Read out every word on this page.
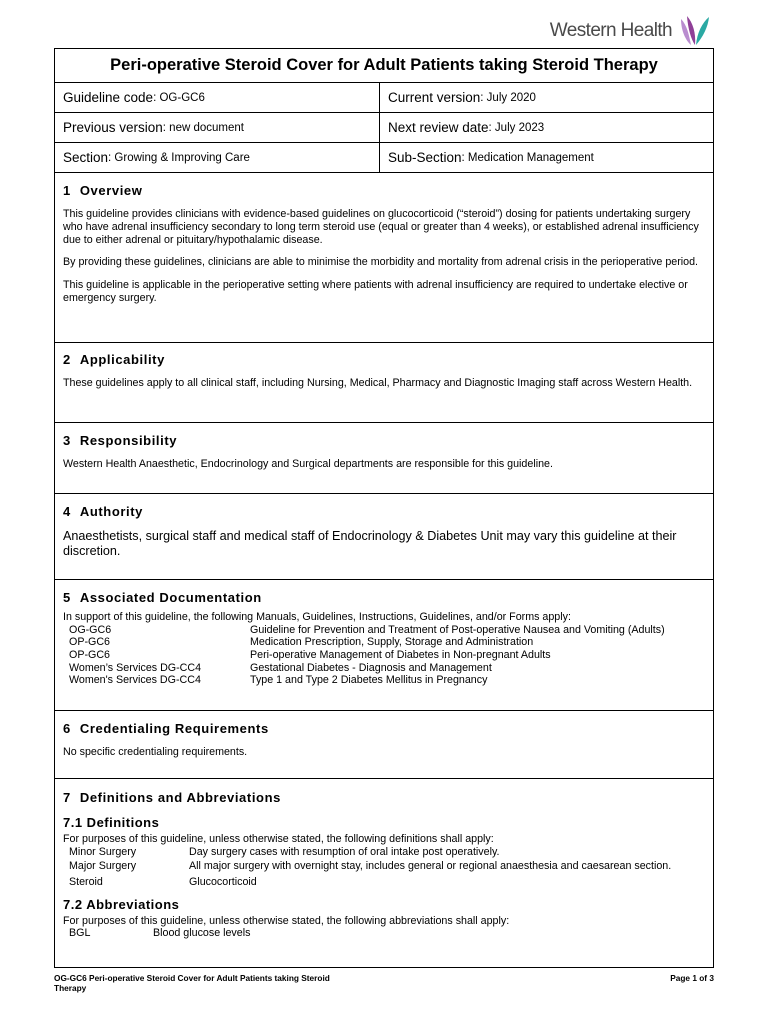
Western Health
Peri-operative Steroid Cover for Adult Patients taking Steroid Therapy
Guideline code : OG-GC6	Current version : July 2020
Previous version : new document	Next review date : July 2023
Section : Growing & Improving Care	Sub-Section : Medication Management
1 Overview

This guideline provides clinicians with evidence-based guidelines on glucocorticoid (“steroid”) dosing for patients undertaking surgery who have adrenal insufficiency secondary to long term steroid use (equal or greater than 4 weeks), or established adrenal insufficiency due to either adrenal or pituitary/hypothalamic disease.

By providing these guidelines, clinicians are able to minimise the morbidity and mortality from adrenal crisis in the perioperative period.

This guideline is applicable in the perioperative setting where patients with adrenal insufficiency are required to undertake elective or emergency surgery.

2 Applicability

These guidelines apply to all clinical staff, including Nursing, Medical, Pharmacy and Diagnostic Imaging staff across Western Health.

3 Responsibility

Western Health Anaesthetic, Endocrinology and Surgical departments are responsible for this guideline.

4 Authority

Anaesthetists, surgical staff and medical staff of Endocrinology & Diabetes Unit may vary this guideline at their discretion.

5 Associated Documentation

In support of this guideline, the following Manuals, Guidelines, Instructions, Guidelines, and/or Forms apply:

OG-GC6	Guideline for Prevention and Treatment of Post-operative Nausea and Vomiting (Adults)
OP-GC6	Medication Prescription, Supply, Storage and Administration
OP-GC6	Peri-operative Management of Diabetes in Non-pregnant Adults
Women’s Services DG-CC4	Gestational Diabetes - Diagnosis and Management
Women's Services DG-CC4	Type 1 and Type 2 Diabetes Mellitus in Pregnancy
6 Credentialing Requirements

No specific credentialing requirements.

7 Definitions and Abbreviations
7.1 Definitions

For purposes of this guideline, unless otherwise stated, the following definitions shall apply:

Minor Surgery	Day surgery cases with resumption of oral intake post operatively.
Major Surgery	All major surgery with overnight stay, includes general or regional anaesthesia and caesarean section.
Steroid	Glucocorticoid
7.2 Abbreviations

For purposes of this guideline, unless otherwise stated, the following abbreviations shall apply:

BGL	Blood glucose levels
OG-GC6 Peri-operative Steroid Cover for Adult Patients taking Steroid Therapy
Page 1 of 3
